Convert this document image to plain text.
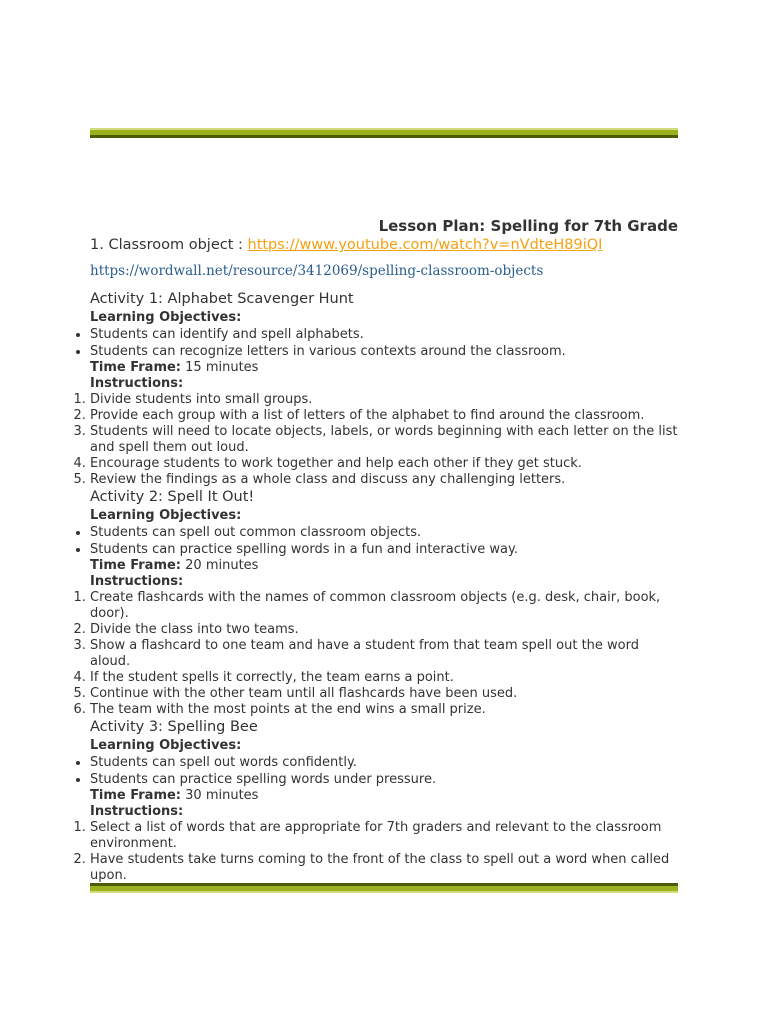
Lesson Plan: Spelling for 7th Grade

1. Classroom object : https://www.youtube.com/watch?v=nVdteH89iQI

https://wordwall.net/resource/3412069/spelling-classroom-objects

Activity 1: Alphabet Scavenger Hunt

Learning Objectives:

• Students can identify and spell alphabets.
• Students can recognize letters in various contexts around the classroom.

Time Frame: 15 minutes

Instructions:

1. Divide students into small groups.
2. Provide each group with a list of letters of the alphabet to find around the classroom.
3. Students will need to locate objects, labels, or words beginning with each letter on the list and spell them out loud.
4. Encourage students to work together and help each other if they get stuck.
5. Review the findings as a whole class and discuss any challenging letters.

Activity 2: Spell It Out!

Learning Objectives:

• Students can spell out common classroom objects.
• Students can practice spelling words in a fun and interactive way.

Time Frame: 20 minutes

Instructions:

1. Create flashcards with the names of common classroom objects (e.g. desk, chair, book, door).
2. Divide the class into two teams.
3. Show a flashcard to one team and have a student from that team spell out the word aloud.
4. If the student spells it correctly, the team earns a point.
5. Continue with the other team until all flashcards have been used.
6. The team with the most points at the end wins a small prize.

Activity 3: Spelling Bee

Learning Objectives:

• Students can spell out words confidently.
• Students can practice spelling words under pressure.

Time Frame: 30 minutes

Instructions:

1. Select a list of words that are appropriate for 7th graders and relevant to the classroom environment.
2. Have students take turns coming to the front of the class to spell out a word when called upon.
